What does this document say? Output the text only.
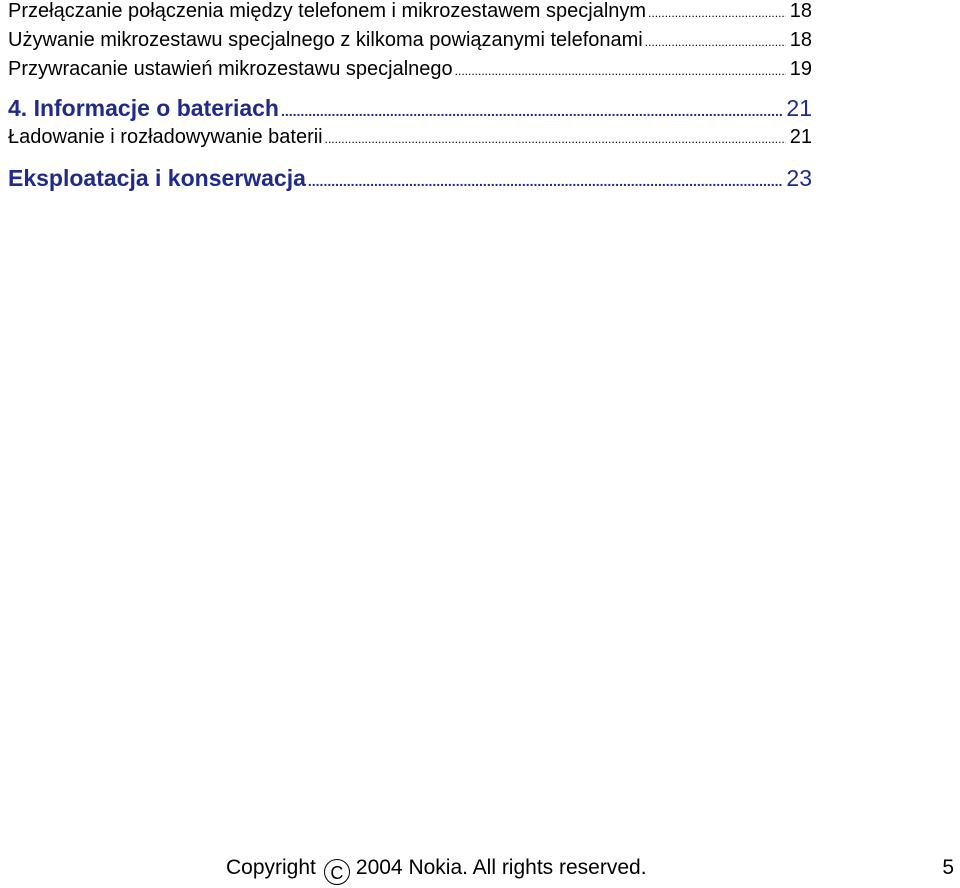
Przełączanie połączenia między telefonem i mikrozestawem specjalnym .....	18
Używanie mikrozestawu specjalnego z kilkoma powiązanymi telefonami .....	18
Przywracanie ustawień mikrozestawu specjalnego .....	19
4. Informacje o bateriach .....	21
Ładowanie i rozładowywanie baterii .....	21
Eksploatacja i konserwacja .....	23
Copyright C 2004 Nokia. All rights reserved.	5
